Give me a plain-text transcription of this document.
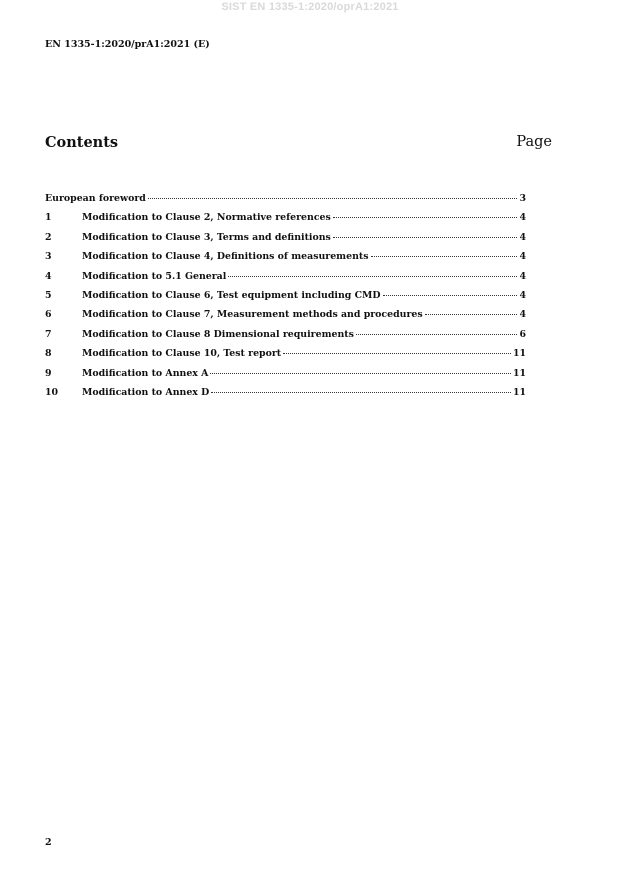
SIST EN 1335-1:2020/oprA1:2021
EN 1335-1:2020/prA1:2021 (E)
Contents	Page
European foreword	3
1	Modification to Clause 2, Normative references	4
2	Modification to Clause 3, Terms and definitions	4
3	Modification to Clause 4, Definitions of measurements	4
4	Modification to 5.1 General	4
5	Modification to Clause 6, Test equipment including CMD	4
6	Modification to Clause 7, Measurement methods and procedures	4
7	Modification to Clause 8 Dimensional requirements	6
8	Modification to Clause 10, Test report	11
9	Modification to Annex A	11
10	Modification to Annex D	11
2
